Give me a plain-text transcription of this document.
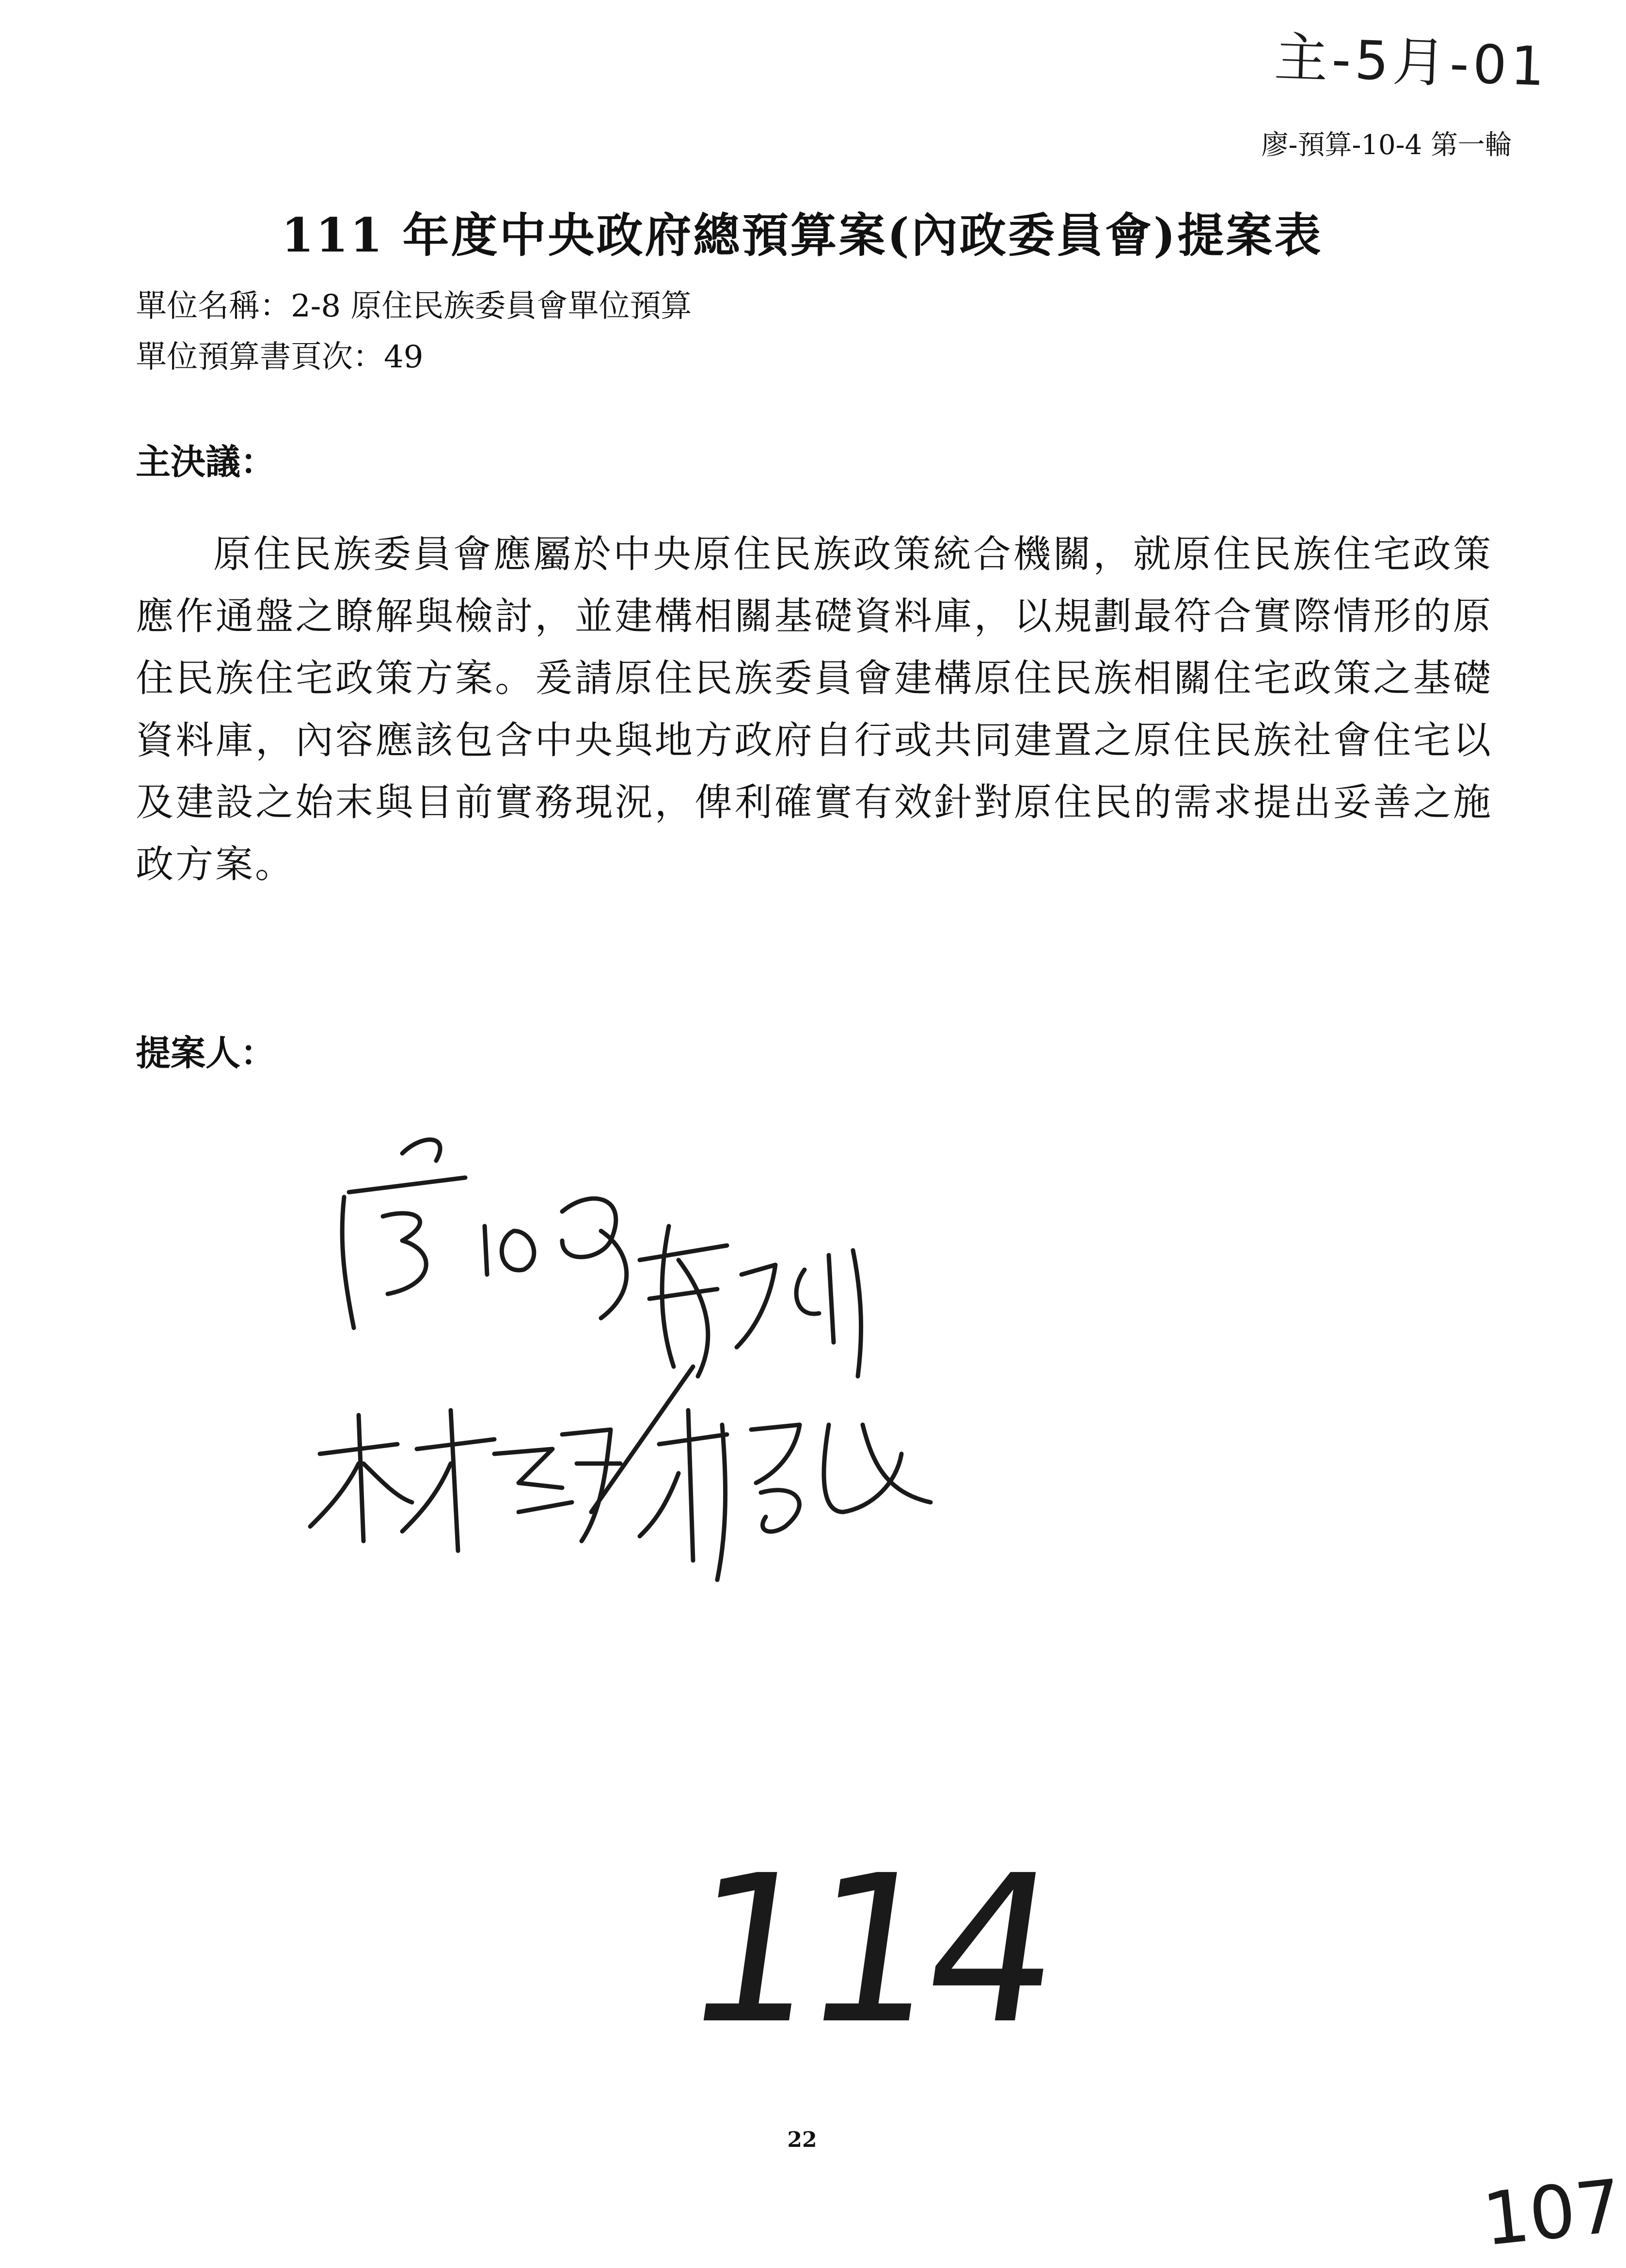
主-5月-01
廖-預算-10-4 第一輪
111 年度中央政府總預算案(內政委員會)提案表
單位名稱：2-8 原住民族委員會單位預算
單位預算書頁次：49
主決議：
原住民族委員會應屬於中央原住民族政策統合機關，就原住民族住宅政策應作通盤之瞭解與檢討，並建構相關基礎資料庫，以規劃最符合實際情形的原住民族住宅政策方案。爰請原住民族委員會建構原住民族相關住宅政策之基礎資料庫，內容應該包含中央與地方政府自行或共同建置之原住民族社會住宅以及建設之始末與目前實務現況，俾利確實有效針對原住民的需求提出妥善之施政方案。
提案人：
114
22
107
